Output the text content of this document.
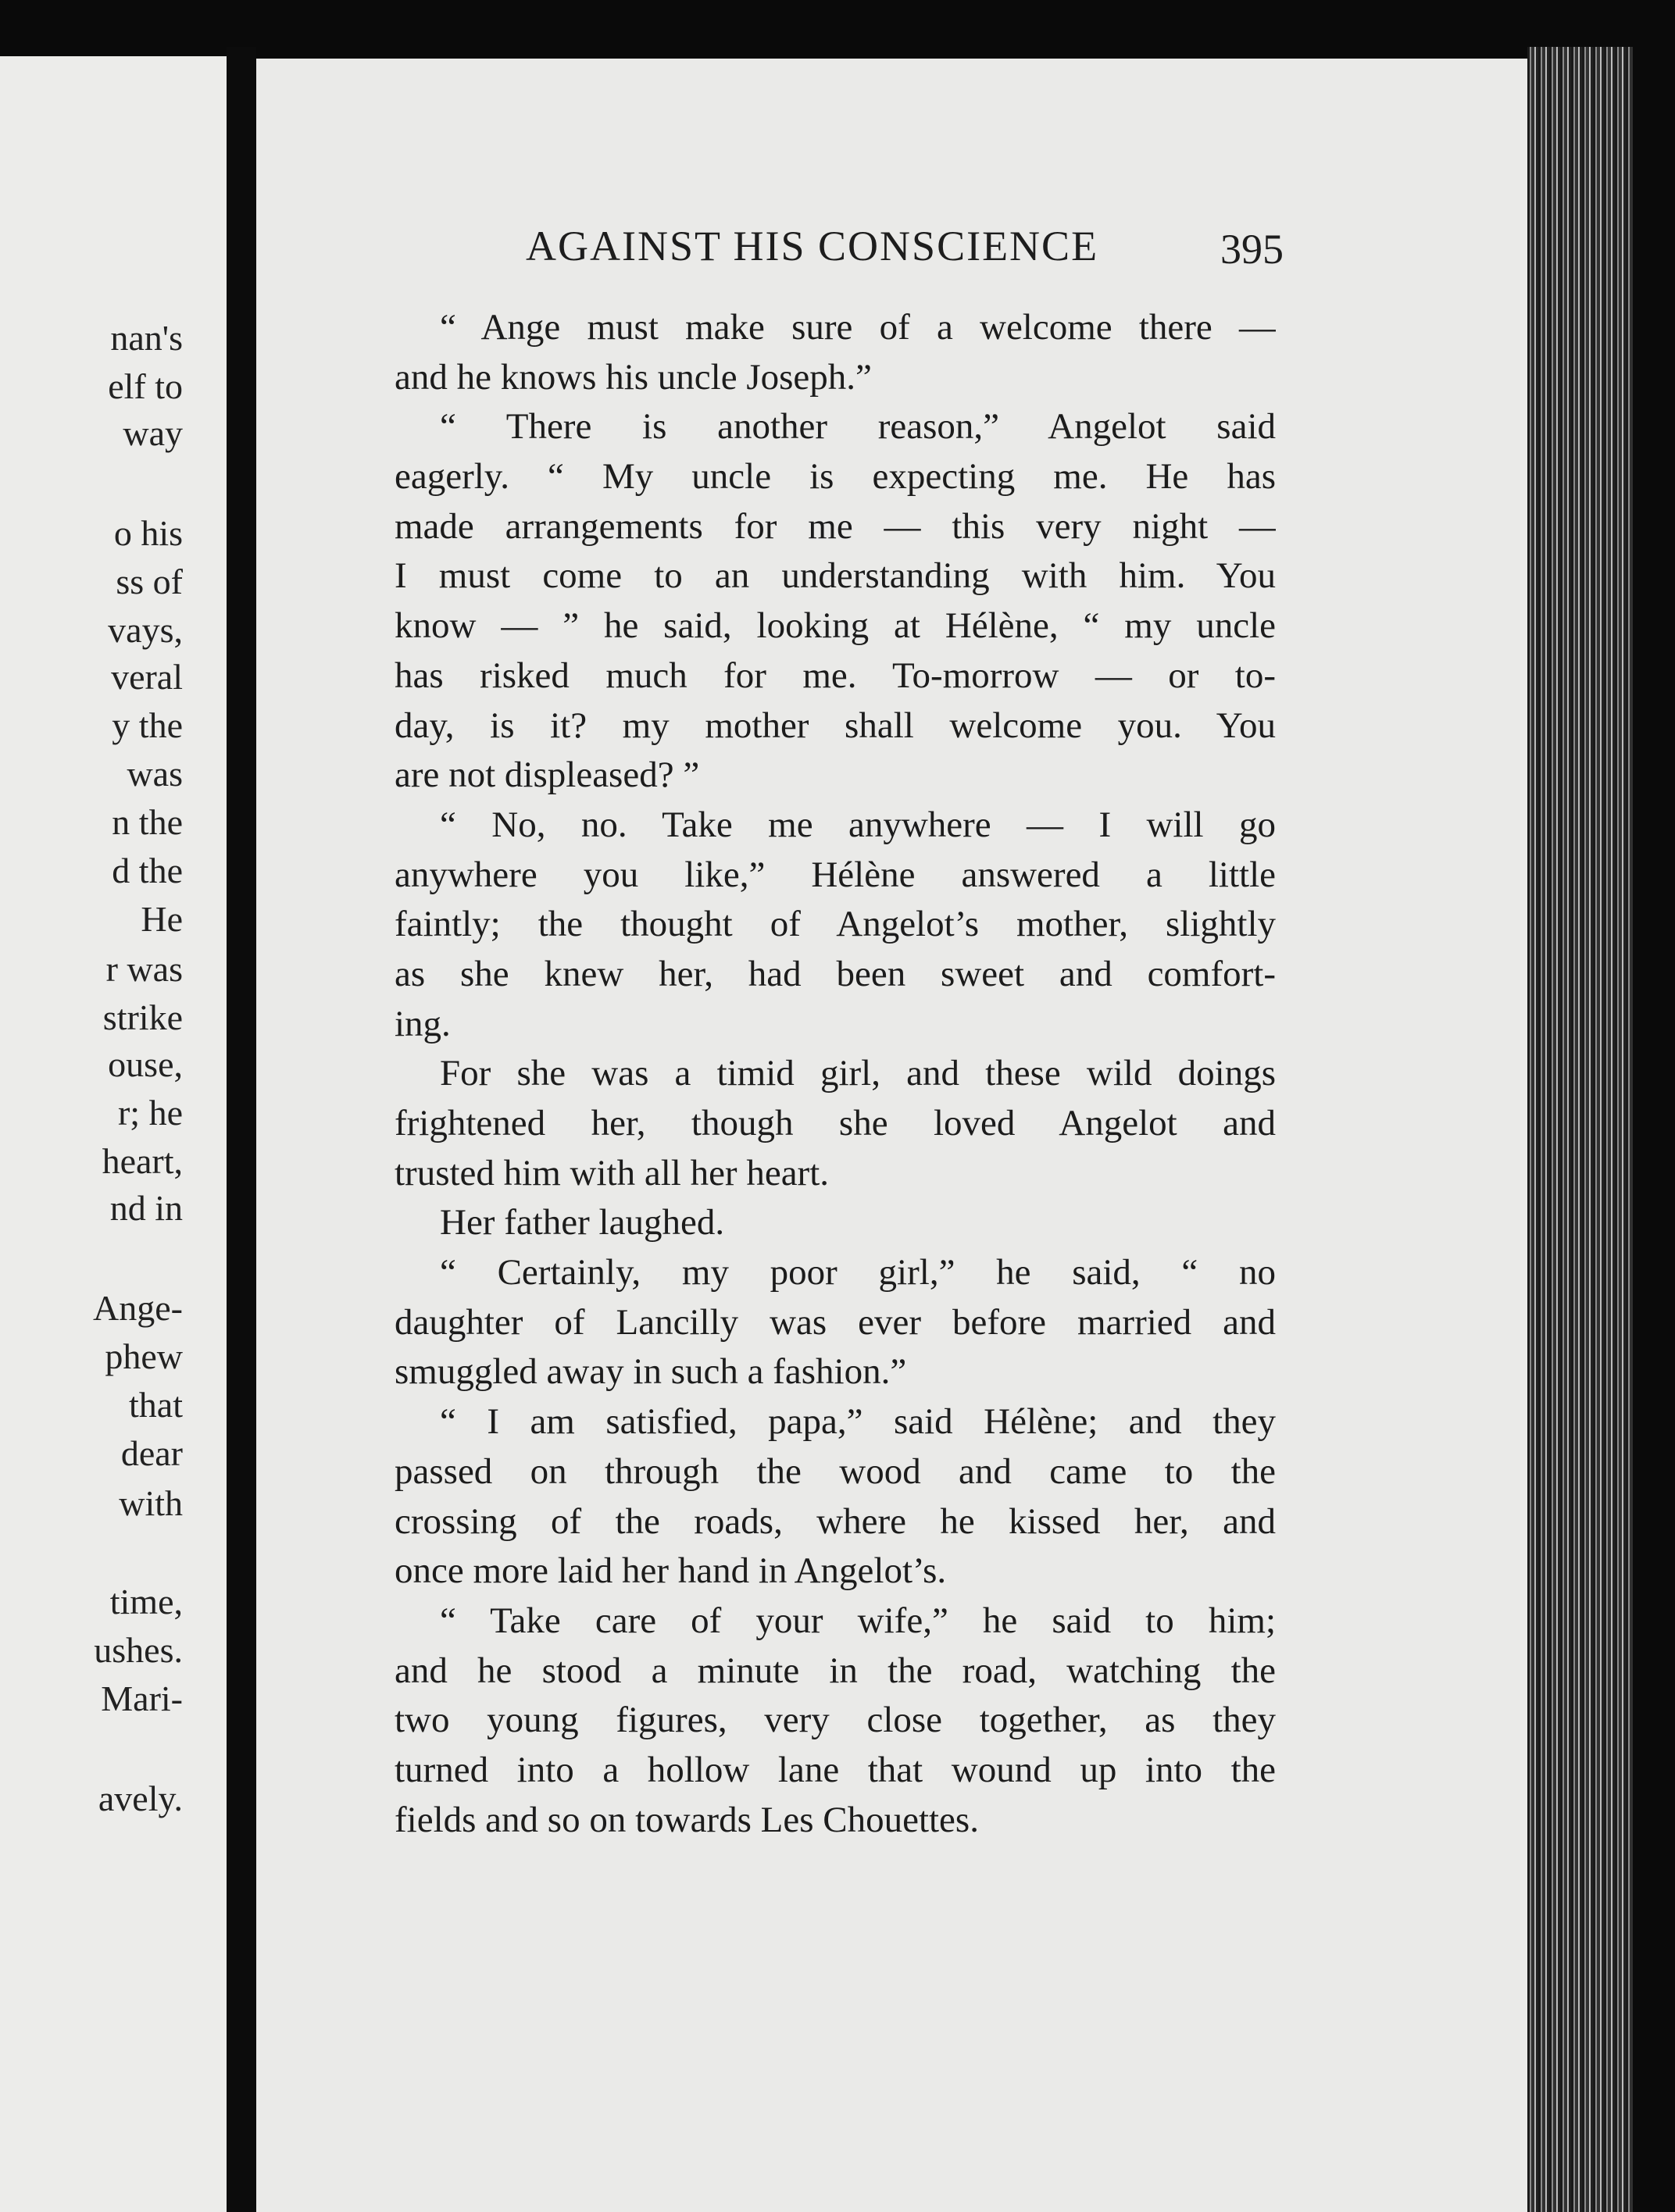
nan's
elf to
way
o his
ss of
vays,
veral
y the
was
n the
d the
He
r was
strike
ouse,
r; he
heart,
nd in
Ange-
phew
that
dear
with
time,
ushes.
Mari-
avely.
AGAINST HIS CONSCIENCE	395
“ Ange must make sure of a welcome there —
and he knows his uncle Joseph.”
“ There is another reason,” Angelot said
eagerly. “ My uncle is expecting me. He has
made arrangements for me — this very night —
I must come to an understanding with him. You
know — ” he said, looking at Hélène, “ my uncle
has risked much for me. To-morrow — or to-
day, is it? my mother shall welcome you. You
are not displeased? ”
“ No, no. Take me anywhere — I will go
anywhere you like,” Hélène answered a little
faintly; the thought of Angelot’s mother, slightly
as she knew her, had been sweet and comfort-
ing.
For she was a timid girl, and these wild doings
frightened her, though she loved Angelot and
trusted him with all her heart.
Her father laughed.
“ Certainly, my poor girl,” he said, “ no
daughter of Lancilly was ever before married and
smuggled away in such a fashion.”
“ I am satisfied, papa,” said Hélène; and they
passed on through the wood and came to the
crossing of the roads, where he kissed her, and
once more laid her hand in Angelot’s.
“ Take care of your wife,” he said to him;
and he stood a minute in the road, watching the
two young figures, very close together, as they
turned into a hollow lane that wound up into the
fields and so on towards Les Chouettes.
